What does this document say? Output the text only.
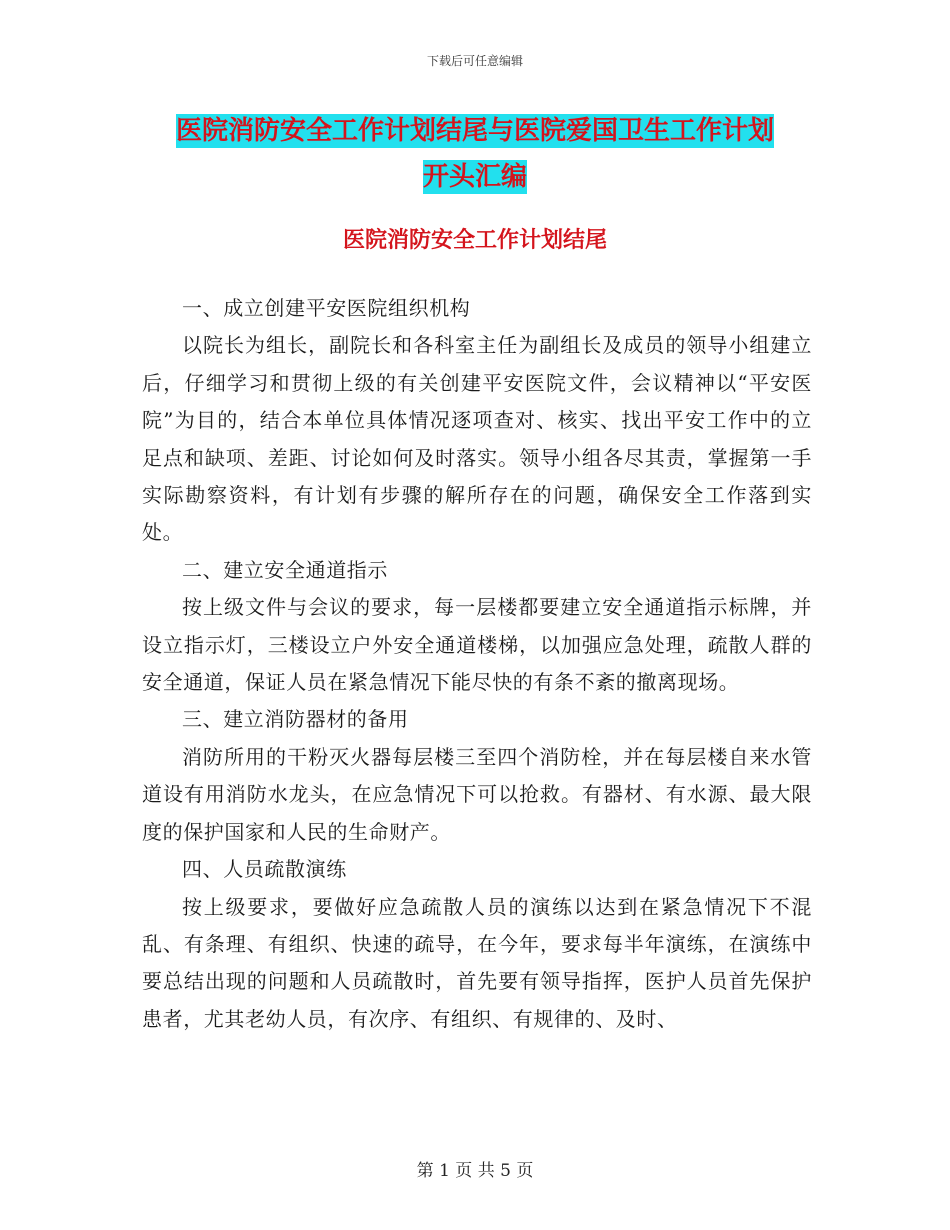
下载后可任意编辑
医院消防安全工作计划结尾与医院爱国卫生工作计划
开头汇编
医院消防安全工作计划结尾

一、成立创建平安医院组织机构

以院长为组长，副院长和各科室主任为副组长及成员的领导小组建立后，仔细学习和贯彻上级的有关创建平安医院文件，会议精神以“平安医院”为目的，结合本单位具体情况逐项查对、核实、找出平安工作中的立足点和缺项、差距、讨论如何及时落实。领导小组各尽其责，掌握第一手实际勘察资料，有计划有步骤的解所存在的问题，确保安全工作落到实处。

二、建立安全通道指示

按上级文件与会议的要求，每一层楼都要建立安全通道指示标牌，并设立指示灯，三楼设立户外安全通道楼梯，以加强应急处理，疏散人群的安全通道，保证人员在紧急情况下能尽快的有条不紊的撤离现场。

三、建立消防器材的备用

消防所用的干粉灭火器每层楼三至四个消防栓，并在每层楼自来水管道设有用消防水龙头，在应急情况下可以抢救。有器材、有水源、最大限度的保护国家和人民的生命财产。

四、人员疏散演练

按上级要求，要做好应急疏散人员的演练以达到在紧急情况下不混乱、有条理、有组织、快速的疏导，在今年，要求每半年演练，在演练中要总结出现的问题和人员疏散时，首先要有领导指挥，医护人员首先保护患者，尤其老幼人员，有次序、有组织、有规律的、及时、

第 1 页 共 5 页
